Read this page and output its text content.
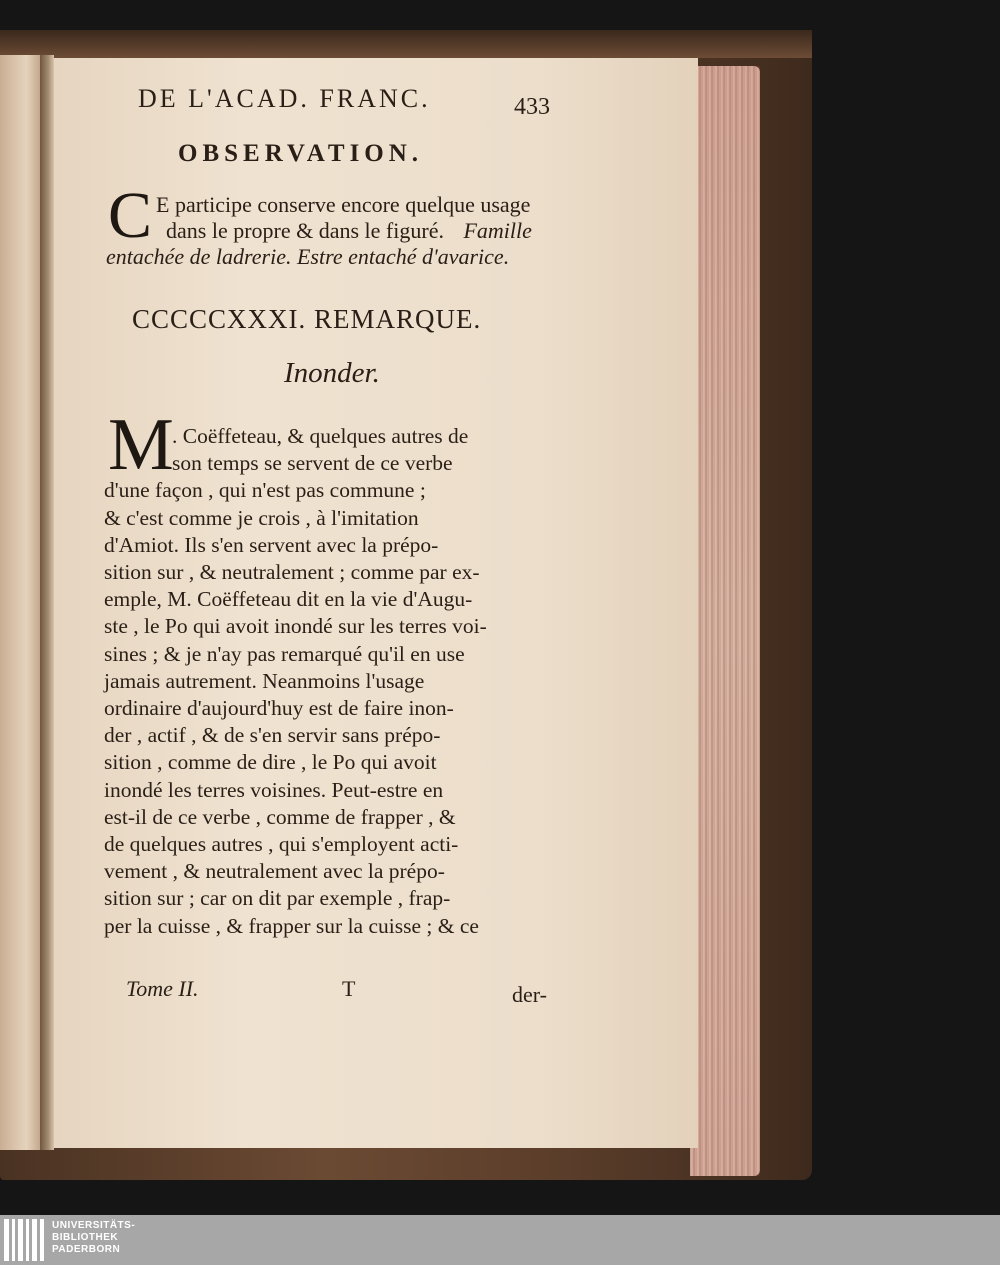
DE L'ACAD. FRANC.	433
OBSERVATION.
C E participe conserve encore quelque usage
dans le propre & dans le figuré. Famille
entachée de ladrerie. Estre entaché d'avarice.
CCCCCXXXI. REMARQUE.
Inonder.
M
. Coëffeteau, & quelques autres de
son temps se servent de ce verbe
d'une façon , qui n'est pas commune ;
& c'est comme je crois , à l'imitation
d'Amiot. Ils s'en servent avec la prépo-
sition sur , & neutralement ; comme par ex-
emple, M. Coëffeteau dit en la vie d'Augu-
ste , le Po qui avoit inondé sur les terres voi-
sines ; & je n'ay pas remarqué qu'il en use
jamais autrement. Neanmoins l'usage
ordinaire d'aujourd'huy est de faire inon-
der , actif , & de s'en servir sans prépo-
sition , comme de dire , le Po qui avoit
inondé les terres voisines. Peut-estre en
est-il de ce verbe , comme de frapper , &
de quelques autres , qui s'employent acti-
vement , & neutralement avec la prépo-
sition sur ; car on dit par exemple , frap-
per la cuisse , & frapper sur la cuisse ; & ce
Tome II.	T	der-
UNIVERSITÄTS-
BIBLIOTHEK
PADERBORN
